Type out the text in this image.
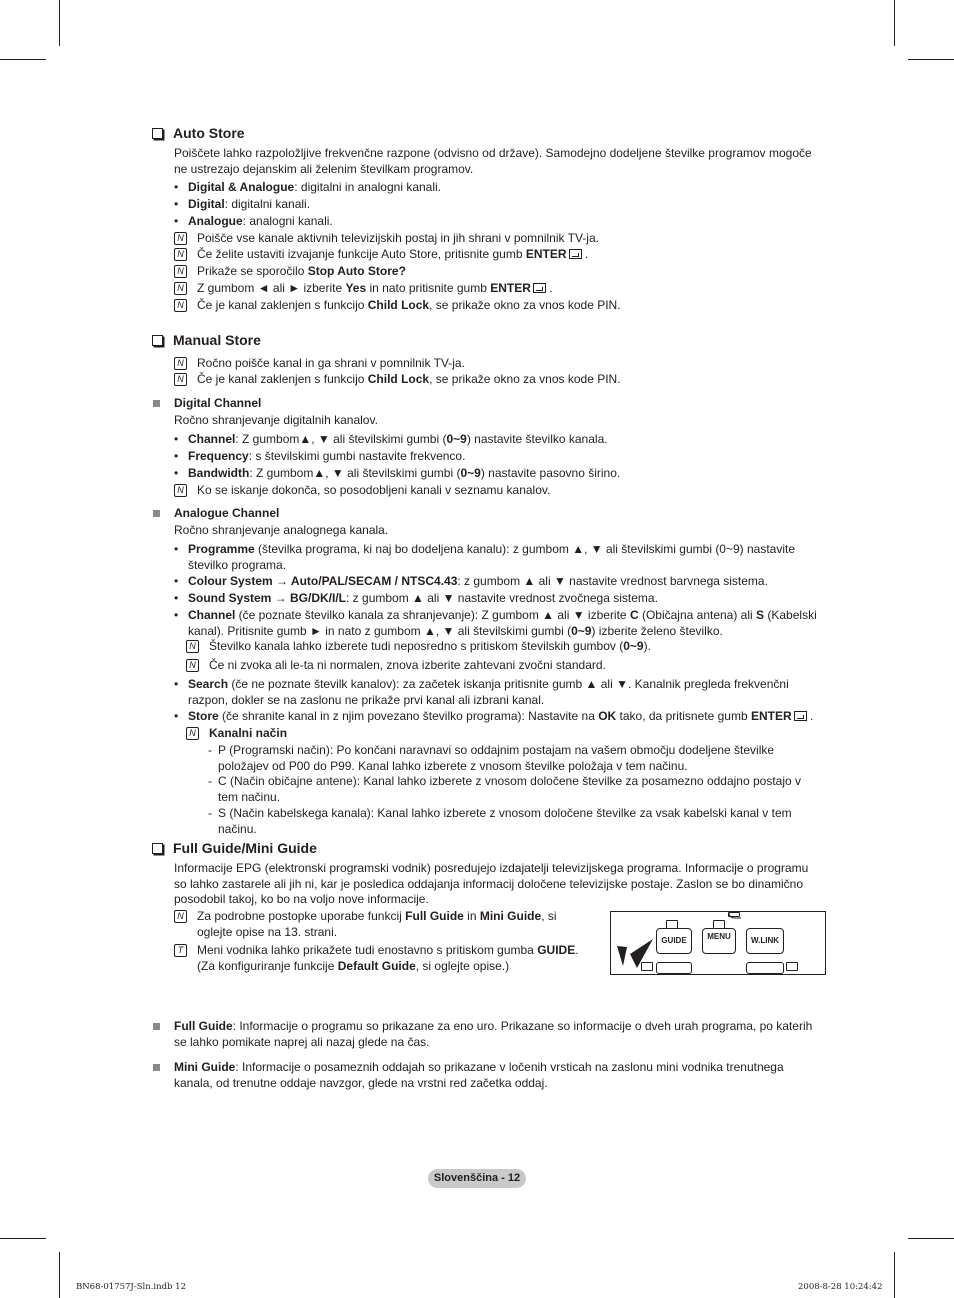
Auto Store
Poiščete lahko razpoložljive frekvenčne razpone (odvisno od države). Samodejno dodeljene številke programov mogoče ne ustrezajo dejanskim ali želenim številkam programov.
• Digital & Analogue: digitalni in analogni kanali.
• Digital: digitalni kanali.
• Analogue: analogni kanali.
N Poišče vse kanale aktivnih televizijskih postaj in jih shrani v pomnilnik TV-ja.
N Če želite ustaviti izvajanje funkcije Auto Store, pritisnite gumb ENTER .
N Prikaže se sporočilo Stop Auto Store?
N Z gumbom ◄ ali ► izberite Yes in nato pritisnite gumb ENTER .
N Če je kanal zaklenjen s funkcijo Child Lock, se prikaže okno za vnos kode PIN.
Manual Store
N Ročno poišče kanal in ga shrani v pomnilnik TV-ja.
N Če je kanal zaklenjen s funkcijo Child Lock, se prikaže okno za vnos kode PIN.
Digital Channel
Ročno shranjevanje digitalnih kanalov.
• Channel: Z gumbom▲, ▼ ali številskimi gumbi (0~9) nastavite številko kanala.
• Frequency: s številskimi gumbi nastavite frekvenco.
• Bandwidth: Z gumbom▲, ▼ ali številskimi gumbi (0~9) nastavite pasovno širino.
N Ko se iskanje dokonča, so posodobljeni kanali v seznamu kanalov.
Analogue Channel
Ročno shranjevanje analognega kanala.
• Programme (številka programa, ki naj bo dodeljena kanalu): z gumbom ▲, ▼ ali številskimi gumbi (0~9) nastavite številko programa.
• Colour System → Auto/PAL/SECAM / NTSC4.43: z gumbom ▲ ali ▼ nastavite vrednost barvnega sistema.
• Sound System → BG/DK/I/L: z gumbom ▲ ali ▼ nastavite vrednost zvočnega sistema.
• Channel (če poznate številko kanala za shranjevanje): Z gumbom ▲ ali ▼ izberite C (Običajna antena) ali S (Kabelski kanal). Pritisnite gumb ► in nato z gumbom ▲, ▼ ali številskimi gumbi (0~9) izberite želeno številko.
N Številko kanala lahko izberete tudi neposredno s pritiskom številskih gumbov (0~9).
N Če ni zvoka ali le-ta ni normalen, znova izberite zahtevani zvočni standard.
• Search (če ne poznate številk kanalov): za začetek iskanja pritisnite gumb ▲ ali ▼. Kanalnik pregleda frekvenčni razpon, dokler se na zaslonu ne prikaže prvi kanal ali izbrani kanal.
• Store (če shranite kanal in z njim povezano številko programa): Nastavite na OK tako, da pritisnete gumb ENTER .
N Kanalni način
- P (Programski način): Po končani naravnavi so oddajnim postajam na vašem območju dodeljene številke položajev od P00 do P99. Kanal lahko izberete z vnosom številke položaja v tem načinu.
- C (Način običajne antene): Kanal lahko izberete z vnosom določene številke za posamezno oddajno postajo v tem načinu.
- S (Način kabelskega kanala): Kanal lahko izberete z vnosom določene številke za vsak kabelski kanal v tem načinu.
Full Guide/Mini Guide
Informacije EPG (elektronski programski vodnik) posredujejo izdajatelji televizijskega programa. Informacije o programu so lahko zastarele ali jih ni, kar je posledica oddajanja informacij določene televizijske postaje. Zaslon se bo dinamično posodobil takoj, ko bo na voljo nove informacije.
N Za podrobne postopke uporabe funkcij Full Guide in Mini Guide, si oglejte opise na 13. strani.
T	Meni vodnika lahko prikažete tudi enostavno s pritiskom gumba GUIDE. (Za konfiguriranje funkcije Default Guide, si oglejte opise.)
GUIDE	MENU	W.LINK
Full Guide: Informacije o programu so prikazane za eno uro. Prikazane so informacije o dveh urah programa, po katerih se lahko pomikate naprej ali nazaj glede na čas.
Mini Guide: Informacije o posameznih oddajah so prikazane v ločenih vrsticah na zaslonu mini vodnika trenutnega kanala, od trenutne oddaje navzgor, glede na vrstni red začetka oddaj.
Slovenščina - 12
BN68-01757J-Sln.indb 12	2008-8-28 10:24:42
